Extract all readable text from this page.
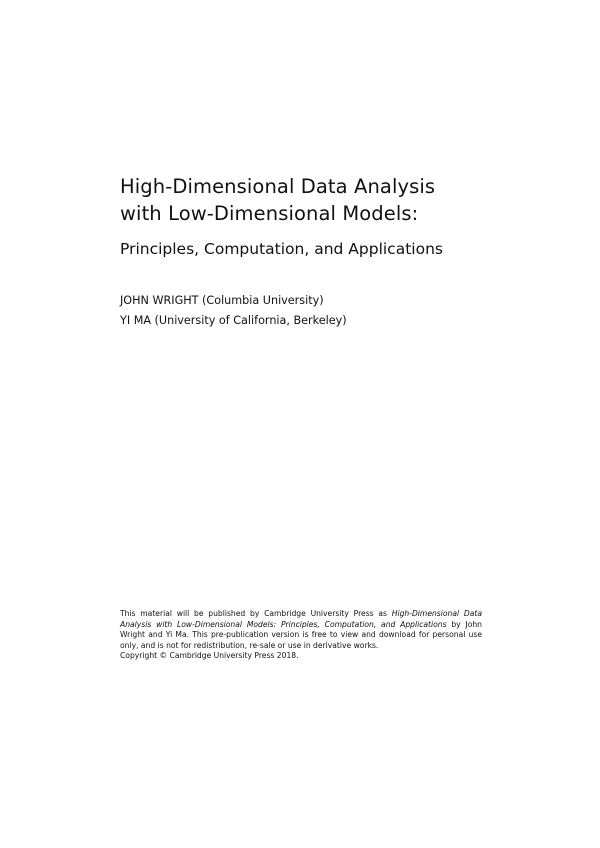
High-Dimensional Data Analysis

with Low-Dimensional Models:

Principles, Computation, and Applications

JOHN WRIGHT (Columbia University)

YI MA (University of California, Berkeley)

This material will be published by Cambridge University Press as High-Dimensional Data Analysis with Low-Dimensional Models: Principles, Computation, and Applications by John Wright and Yi Ma. This pre-publication version is free to view and download for personal use only, and is not for redistribution, re-sale or use in derivative works.

Copyright © Cambridge University Press 2018.
